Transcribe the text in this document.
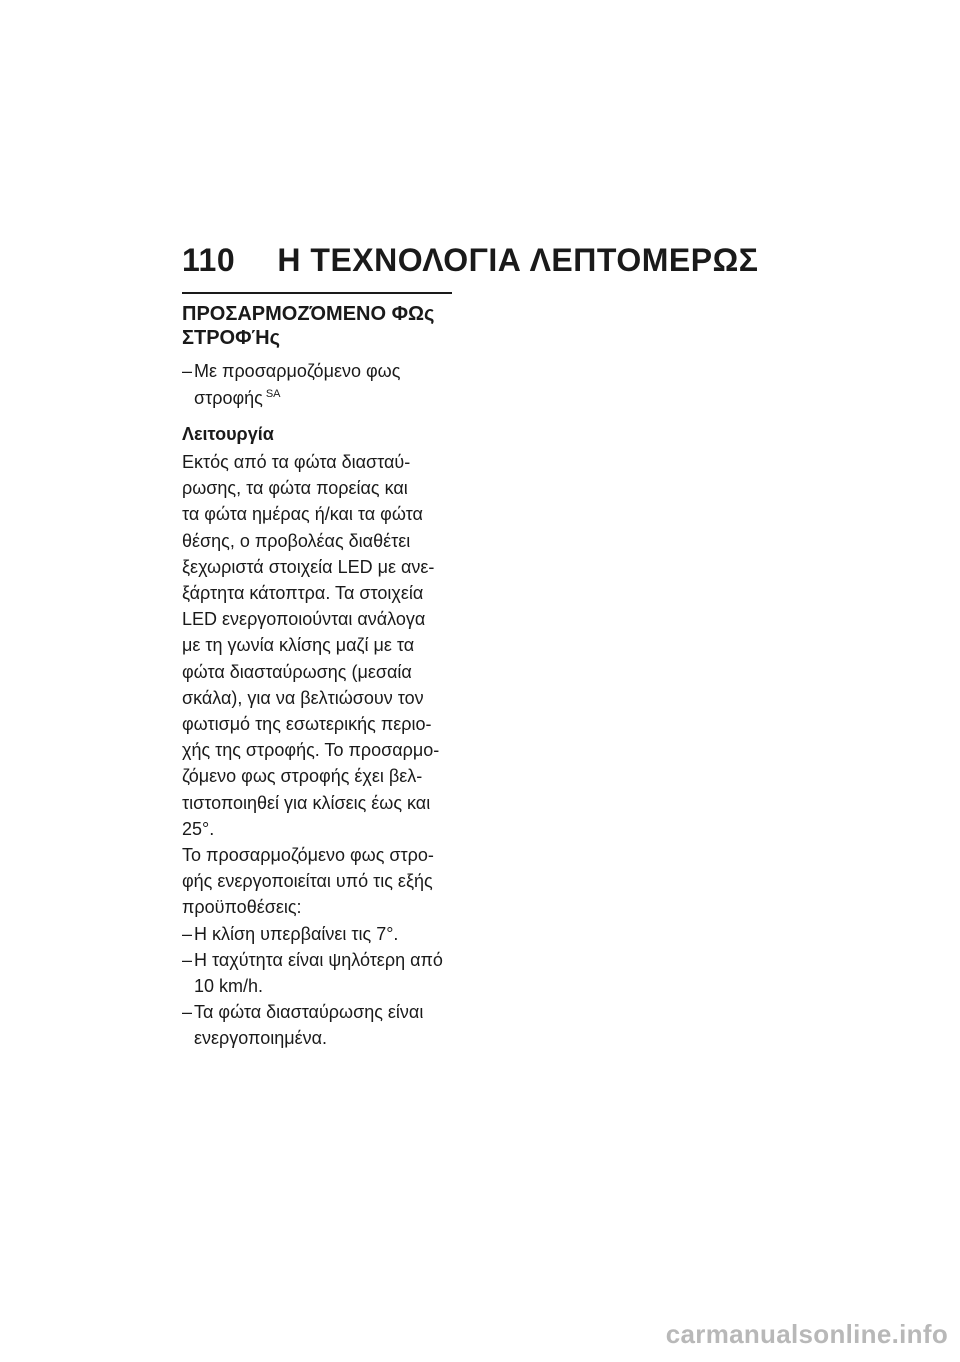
110 Η ΤΕΧΝΟΛΟΓΙΑ ΛΕΠΤΟΜΕΡΩΣ
ΠΡΟΣΑΡΜΟΖΌΜΕΝΟ ΦΩς
ΣΤΡΟΦΉς

– Με προσαρμοζόμενο φως στροφής $^{SA}$

Λειτουργία

Εκτός από τα φώτα διασταύ-
ρωσης, τα φώτα πορείας και
τα φώτα ημέρας ή/και τα φώτα
θέσης, ο προβολέας διαθέτει
ξεχωριστά στοιχεία LED με ανε-
ξάρτητα κάτοπτρα. Τα στοιχεία
LED ενεργοποιούνται ανάλογα
με τη γωνία κλίσης μαζί με τα
φώτα διασταύρωσης (μεσαία
σκάλα), για να βελτιώσουν τον
φωτισμό της εσωτερικής περιο-
χής της στροφής. Το προσαρμο-
ζόμενο φως στροφής έχει βελ-
τιστοποιηθεί για κλίσεις έως και
25°.

Το προσαρμοζόμενο φως στρο-
φής ενεργοποιείται υπό τις εξής
προϋποθέσεις:

– Η κλίση υπερβαίνει τις 7°.

– Η ταχύτητα είναι ψηλότερη από
10 km/h.

– Τα φώτα διασταύρωσης είναι
ενεργοποιημένα.

carmanualsonline.info
